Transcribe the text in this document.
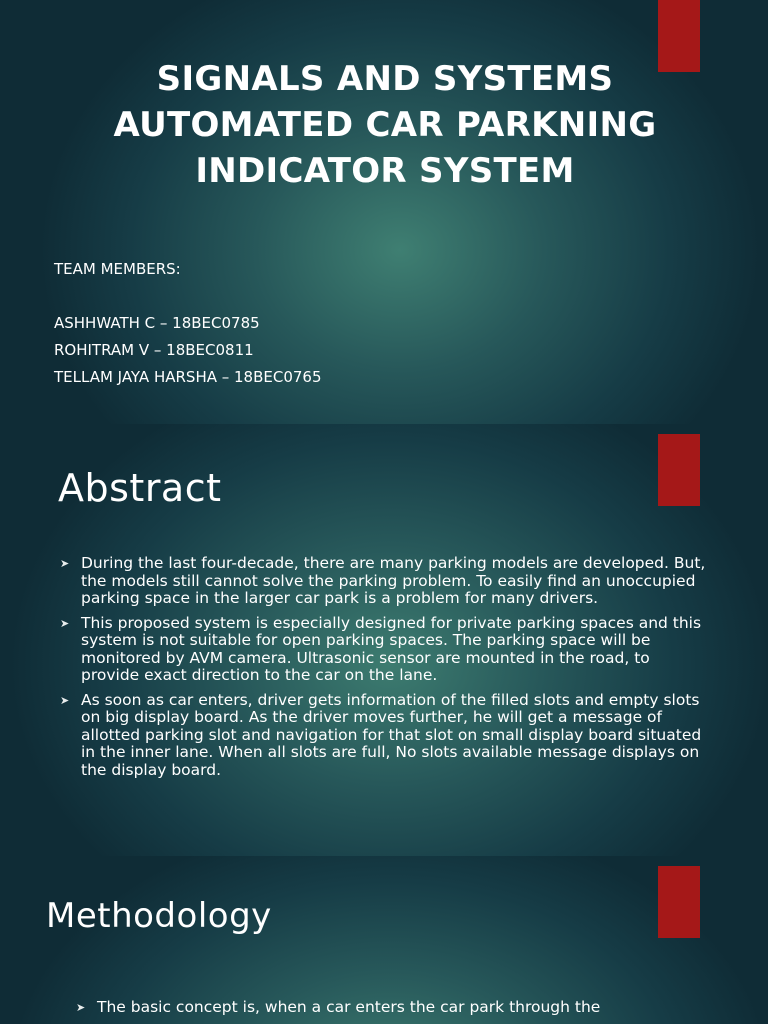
SIGNALS AND SYSTEMS
AUTOMATED CAR PARKNING
INDICATOR SYSTEM
TEAM MEMBERS:
ASHHWATH C – 18BEC0785
ROHITRAM V – 18BEC0811
TELLAM JAYA HARSHA – 18BEC0765
Abstract
➤ During the last four-decade, there are many parking models are developed. But, the models still cannot solve the parking problem. To easily find an unoccupied parking space in the larger car park is a problem for many drivers.
➤ This proposed system is especially designed for private parking spaces and this system is not suitable for open parking spaces. The parking space will be monitored by AVM camera. Ultrasonic sensor are mounted in the road, to provide exact direction to the car on the lane.
➤ As soon as car enters, driver gets information of the filled slots and empty slots on big display board. As the driver moves further, he will get a message of allotted parking slot and navigation for that slot on small display board situated in the inner lane. When all slots are full, No slots available message displays on the display board.
Methodology
➤ The basic concept is, when a car enters the car park through the
